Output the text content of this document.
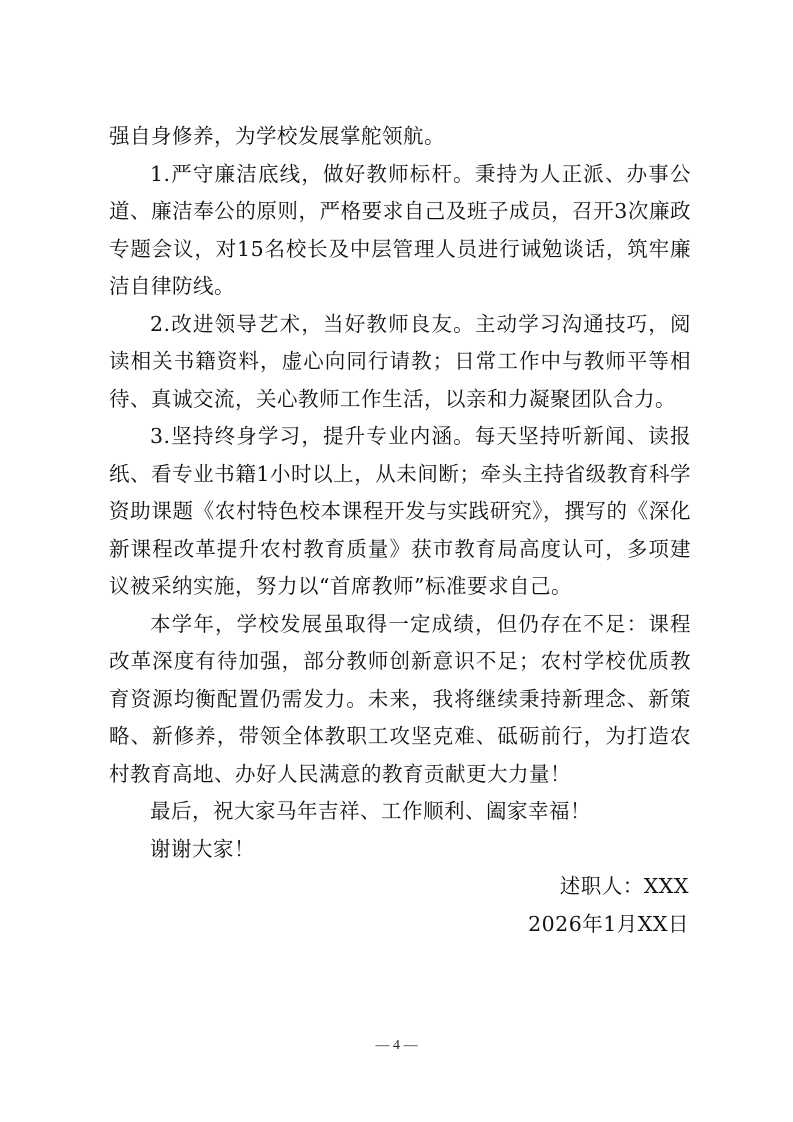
强自身修养，为学校发展掌舵领航。

1.严守廉洁底线，做好教师标杆。秉持为人正派、办事公道、廉洁奉公的原则，严格要求自己及班子成员，召开3次廉政专题会议，对15名校长及中层管理人员进行诫勉谈话，筑牢廉洁自律防线。

2.改进领导艺术，当好教师良友。主动学习沟通技巧，阅读相关书籍资料，虚心向同行请教；日常工作中与教师平等相待、真诚交流，关心教师工作生活，以亲和力凝聚团队合力。

3.坚持终身学习，提升专业内涵。每天坚持听新闻、读报纸、看专业书籍1小时以上，从未间断；牵头主持省级教育科学资助课题《农村特色校本课程开发与实践研究》，撰写的《深化新课程改革提升农村教育质量》获市教育局高度认可，多项建议被采纳实施，努力以“首席教师”标准要求自己。

本学年，学校发展虽取得一定成绩，但仍存在不足：课程改革深度有待加强，部分教师创新意识不足；农村学校优质教育资源均衡配置仍需发力。未来，我将继续秉持新理念、新策略、新修养，带领全体教职工攻坚克难、砥砺前行，为打造农村教育高地、办好人民满意的教育贡献更大力量！

最后，祝大家马年吉祥、工作顺利、阖家幸福！

谢谢大家！

述职人：XXX

2026年1月XX日

— 4 —
